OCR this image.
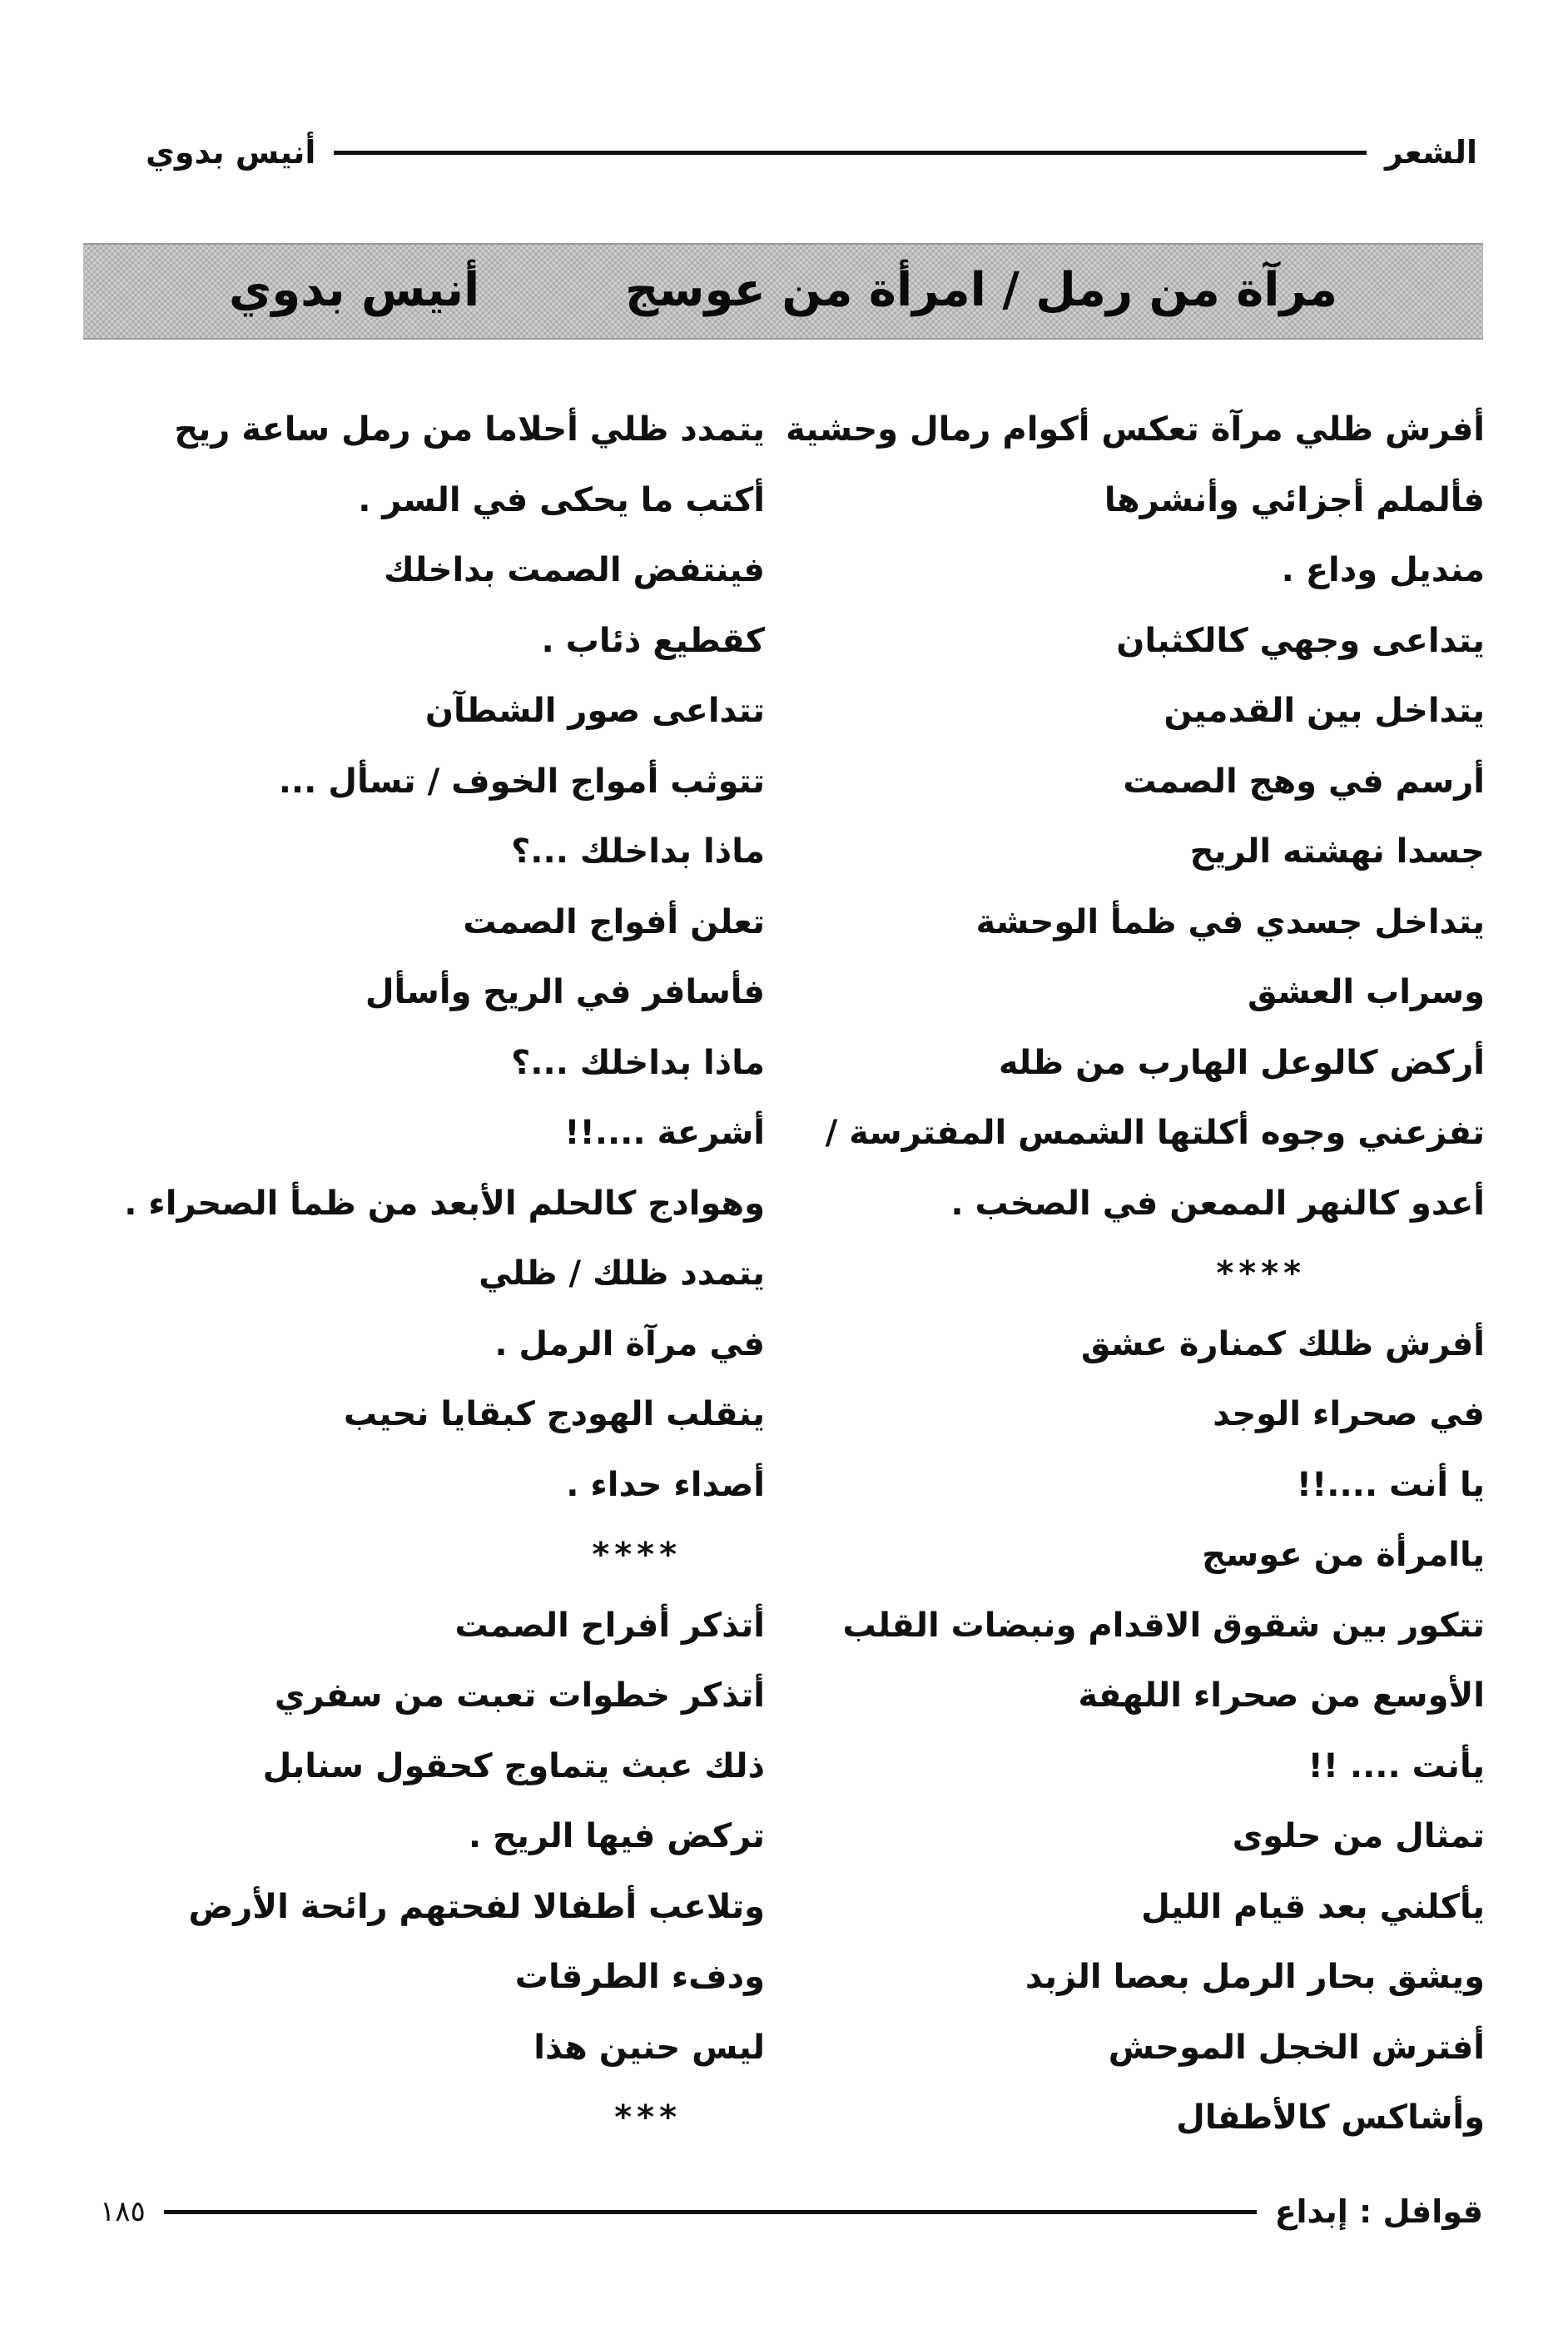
الشعر
أنيس بدوي
مرآة من رمل / امرأة من عوسج
أنيس بدوي
أفرش ظلي مرآة تعكس أكوام رمال وحشية
فألملم أجزائي وأنشرها
منديل وداع .
يتداعى وجهي كالكثبان
يتداخل بين القدمين
أرسم في وهج الصمت
جسدا نهشته الريح
يتداخل جسدي في ظمأ الوحشة
وسراب العشق
أركض كالوعل الهارب من ظله
تفزعني وجوه أكلتها الشمس المفترسة /
أعدو كالنهر الممعن في الصخب .
****
أفرش ظلك كمنارة عشق
في صحراء الوجد
يا أنت ....!!
ياامرأة من عوسج
تتكور بين شقوق الاقدام ونبضات القلب
الأوسع من صحراء اللهفة
يأنت .... !!
تمثال من حلوى
يأكلني بعد قيام الليل
ويشق بحار الرمل بعصا الزبد
أفترش الخجل الموحش
وأشاكس كالأطفال
يتمدد ظلي أحلاما من رمل ساعة ريح
أكتب ما يحكى في السر .
فينتفض الصمت بداخلك
كقطيع ذئاب .
تتداعى صور الشطآن
تتوثب أمواج الخوف / تسأل ...
ماذا بداخلك ...؟
تعلن أفواج الصمت
فأسافر في الريح وأسأل
ماذا بداخلك ...؟
أشرعة ....!!
وهوادج كالحلم الأبعد من ظمأ الصحراء .
يتمدد ظلك / ظلي
في مرآة الرمل .
ينقلب الهودج كبقايا نحيب
أصداء حداء .
****
أتذكر أفراح الصمت
أتذكر خطوات تعبت من سفري
ذلك عبث يتماوج كحقول سنابل
تركض فيها الريح .
وتلاعب أطفالا لفحتهم رائحة الأرض
ودفء الطرقات
ليس حنين هذا
***
قوافل : إبداع
١٨٥
